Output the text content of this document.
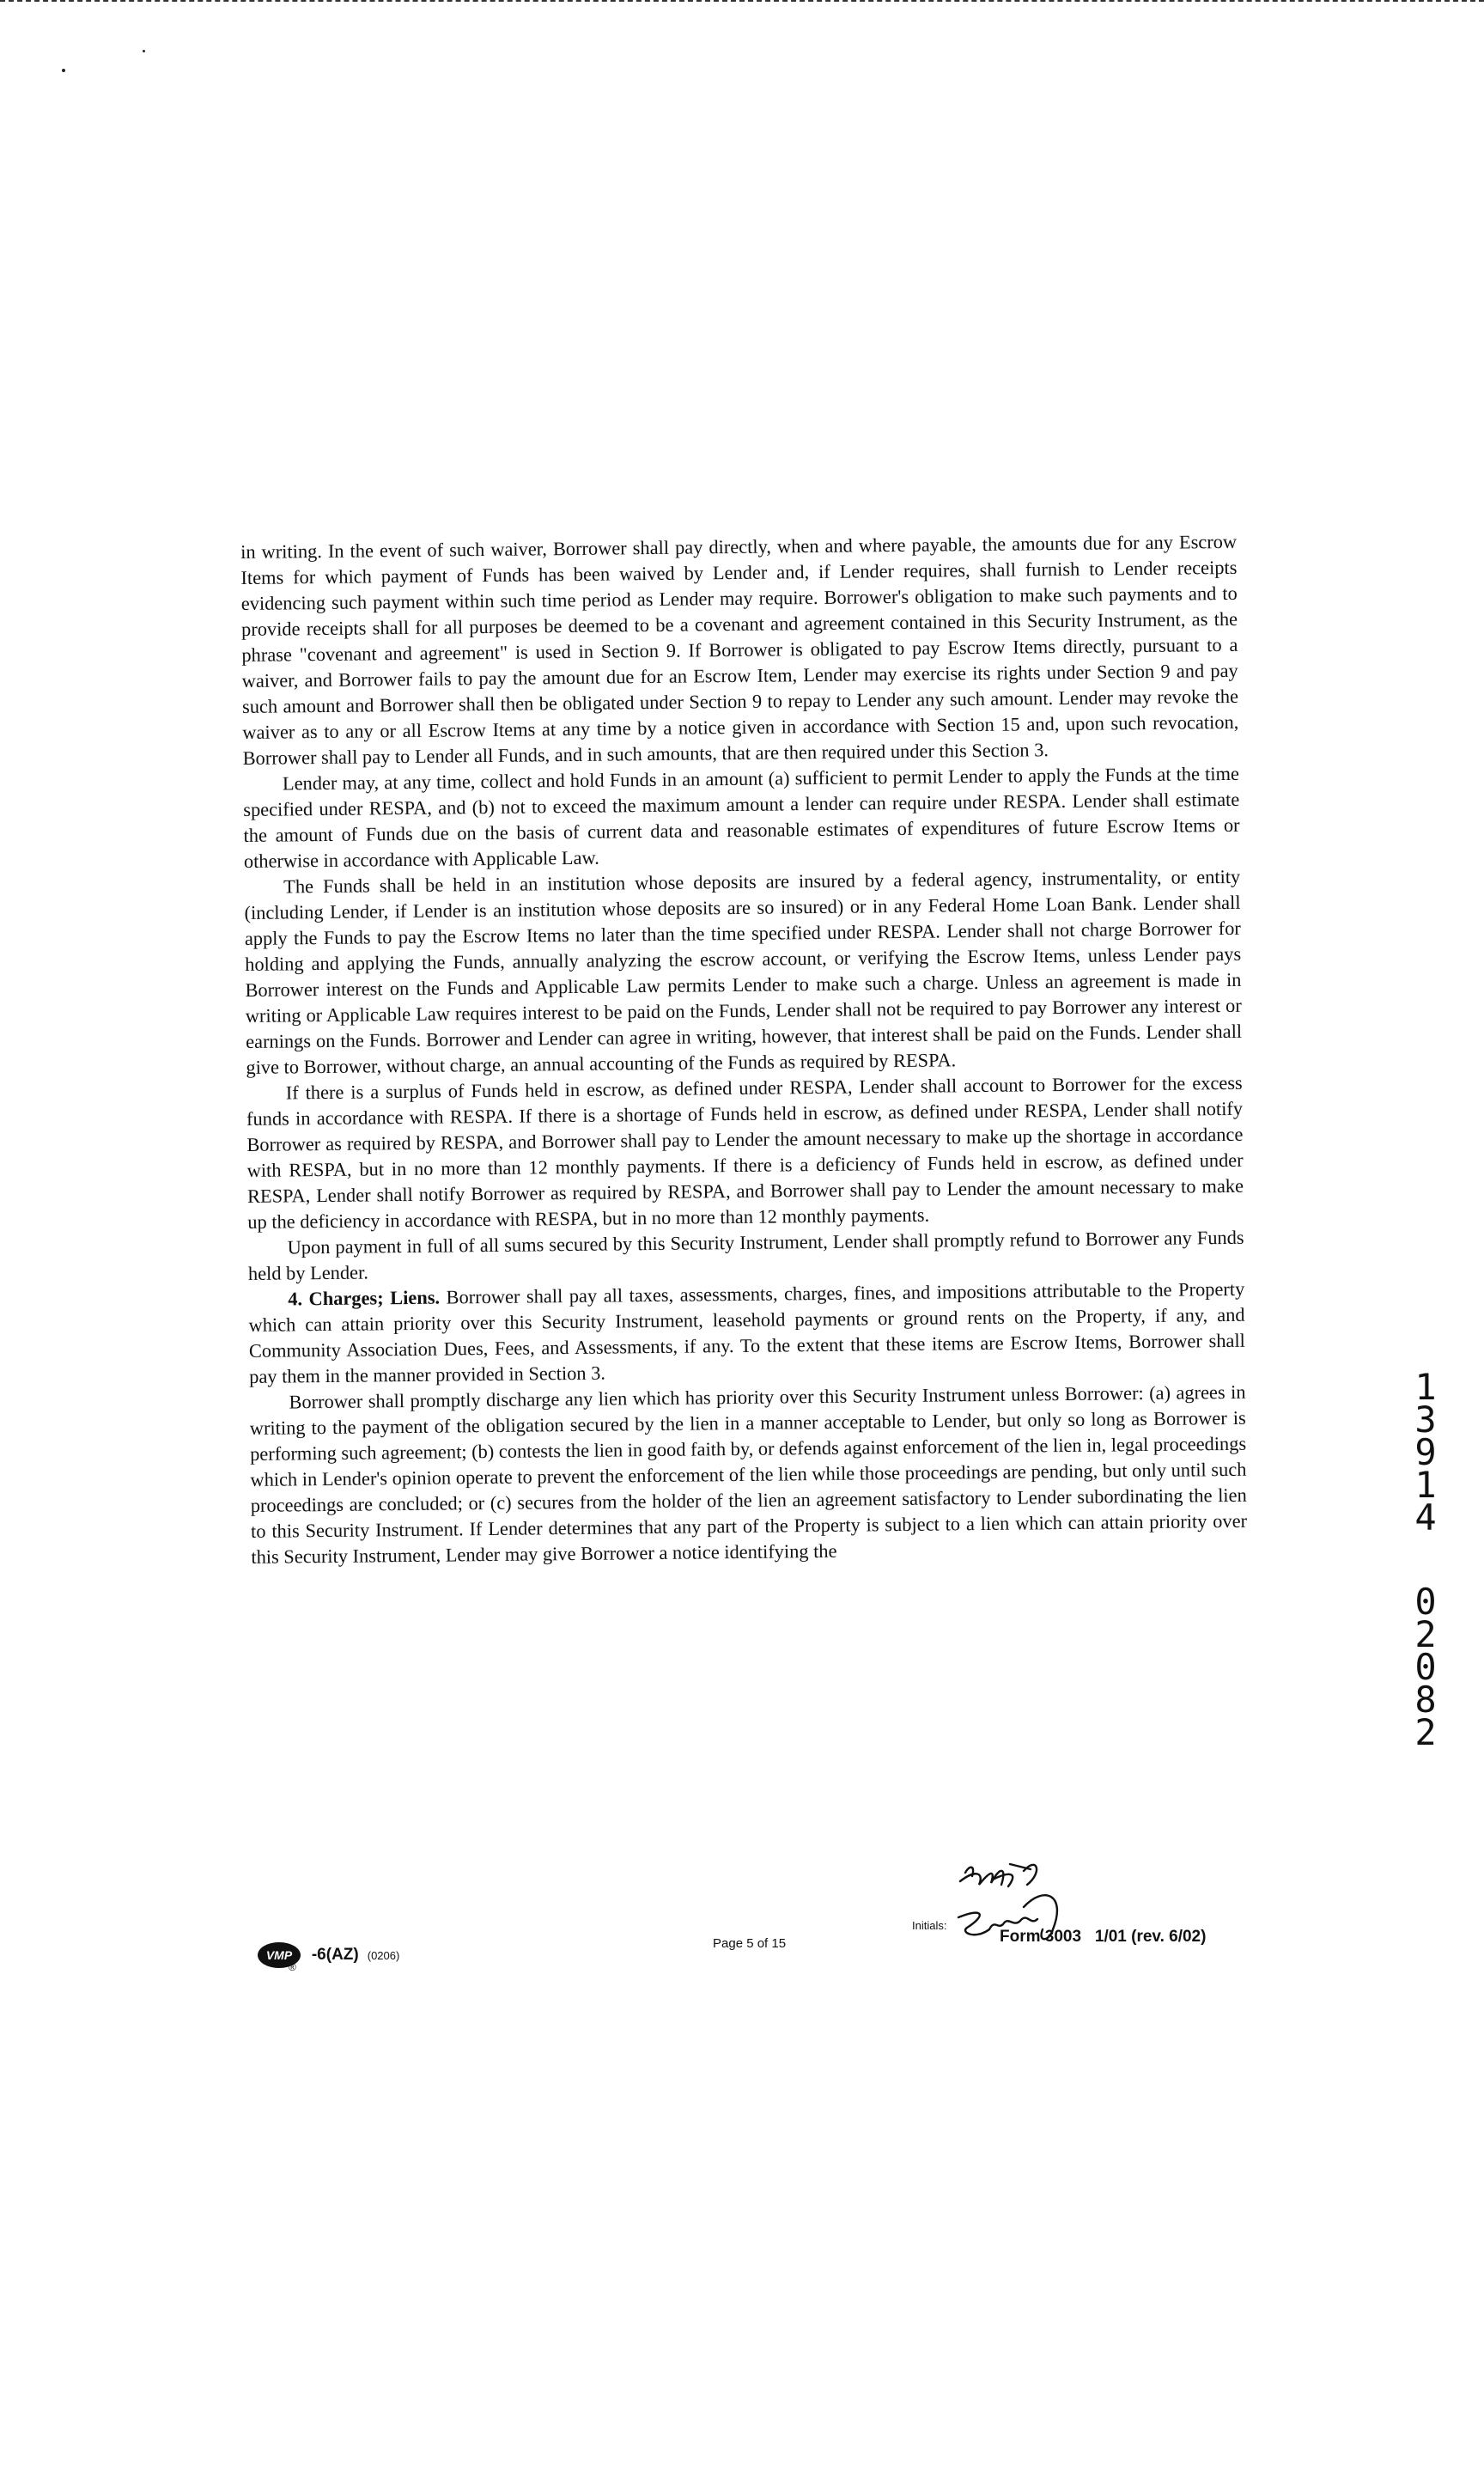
in writing. In the event of such waiver, Borrower shall pay directly, when and where payable, the amounts due for any Escrow Items for which payment of Funds has been waived by Lender and, if Lender requires, shall furnish to Lender receipts evidencing such payment within such time period as Lender may require. Borrower's obligation to make such payments and to provide receipts shall for all purposes be deemed to be a covenant and agreement contained in this Security Instrument, as the phrase "covenant and agreement" is used in Section 9. If Borrower is obligated to pay Escrow Items directly, pursuant to a waiver, and Borrower fails to pay the amount due for an Escrow Item, Lender may exercise its rights under Section 9 and pay such amount and Borrower shall then be obligated under Section 9 to repay to Lender any such amount. Lender may revoke the waiver as to any or all Escrow Items at any time by a notice given in accordance with Section 15 and, upon such revocation, Borrower shall pay to Lender all Funds, and in such amounts, that are then required under this Section 3.

Lender may, at any time, collect and hold Funds in an amount (a) sufficient to permit Lender to apply the Funds at the time specified under RESPA, and (b) not to exceed the maximum amount a lender can require under RESPA. Lender shall estimate the amount of Funds due on the basis of current data and reasonable estimates of expenditures of future Escrow Items or otherwise in accordance with Applicable Law.

The Funds shall be held in an institution whose deposits are insured by a federal agency, instrumentality, or entity (including Lender, if Lender is an institution whose deposits are so insured) or in any Federal Home Loan Bank. Lender shall apply the Funds to pay the Escrow Items no later than the time specified under RESPA. Lender shall not charge Borrower for holding and applying the Funds, annually analyzing the escrow account, or verifying the Escrow Items, unless Lender pays Borrower interest on the Funds and Applicable Law permits Lender to make such a charge. Unless an agreement is made in writing or Applicable Law requires interest to be paid on the Funds, Lender shall not be required to pay Borrower any interest or earnings on the Funds. Borrower and Lender can agree in writing, however, that interest shall be paid on the Funds. Lender shall give to Borrower, without charge, an annual accounting of the Funds as required by RESPA.

If there is a surplus of Funds held in escrow, as defined under RESPA, Lender shall account to Borrower for the excess funds in accordance with RESPA. If there is a shortage of Funds held in escrow, as defined under RESPA, Lender shall notify Borrower as required by RESPA, and Borrower shall pay to Lender the amount necessary to make up the shortage in accordance with RESPA, but in no more than 12 monthly payments. If there is a deficiency of Funds held in escrow, as defined under RESPA, Lender shall notify Borrower as required by RESPA, and Borrower shall pay to Lender the amount necessary to make up the deficiency in accordance with RESPA, but in no more than 12 monthly payments.

Upon payment in full of all sums secured by this Security Instrument, Lender shall promptly refund to Borrower any Funds held by Lender.

4. Charges; Liens. Borrower shall pay all taxes, assessments, charges, fines, and impositions attributable to the Property which can attain priority over this Security Instrument, leasehold payments or ground rents on the Property, if any, and Community Association Dues, Fees, and Assessments, if any. To the extent that these items are Escrow Items, Borrower shall pay them in the manner provided in Section 3.

Borrower shall promptly discharge any lien which has priority over this Security Instrument unless Borrower: (a) agrees in writing to the payment of the obligation secured by the lien in a manner acceptable to Lender, but only so long as Borrower is performing such agreement; (b) contests the lien in good faith by, or defends against enforcement of the lien in, legal proceedings which in Lender's opinion operate to prevent the enforcement of the lien while those proceedings are pending, but only until such proceedings are concluded; or (c) secures from the holder of the lien an agreement satisfactory to Lender subordinating the lien to this Security Instrument. If Lender determines that any part of the Property is subject to a lien which can attain priority over this Security Instrument, Lender may give Borrower a notice identifying the

1
3
9
1
4
0
2
0
8
2
VMP
®
-6(AZ) (0206)
Page 5 of 15
Initials:
Form 3003   1/01 (rev. 6/02)
